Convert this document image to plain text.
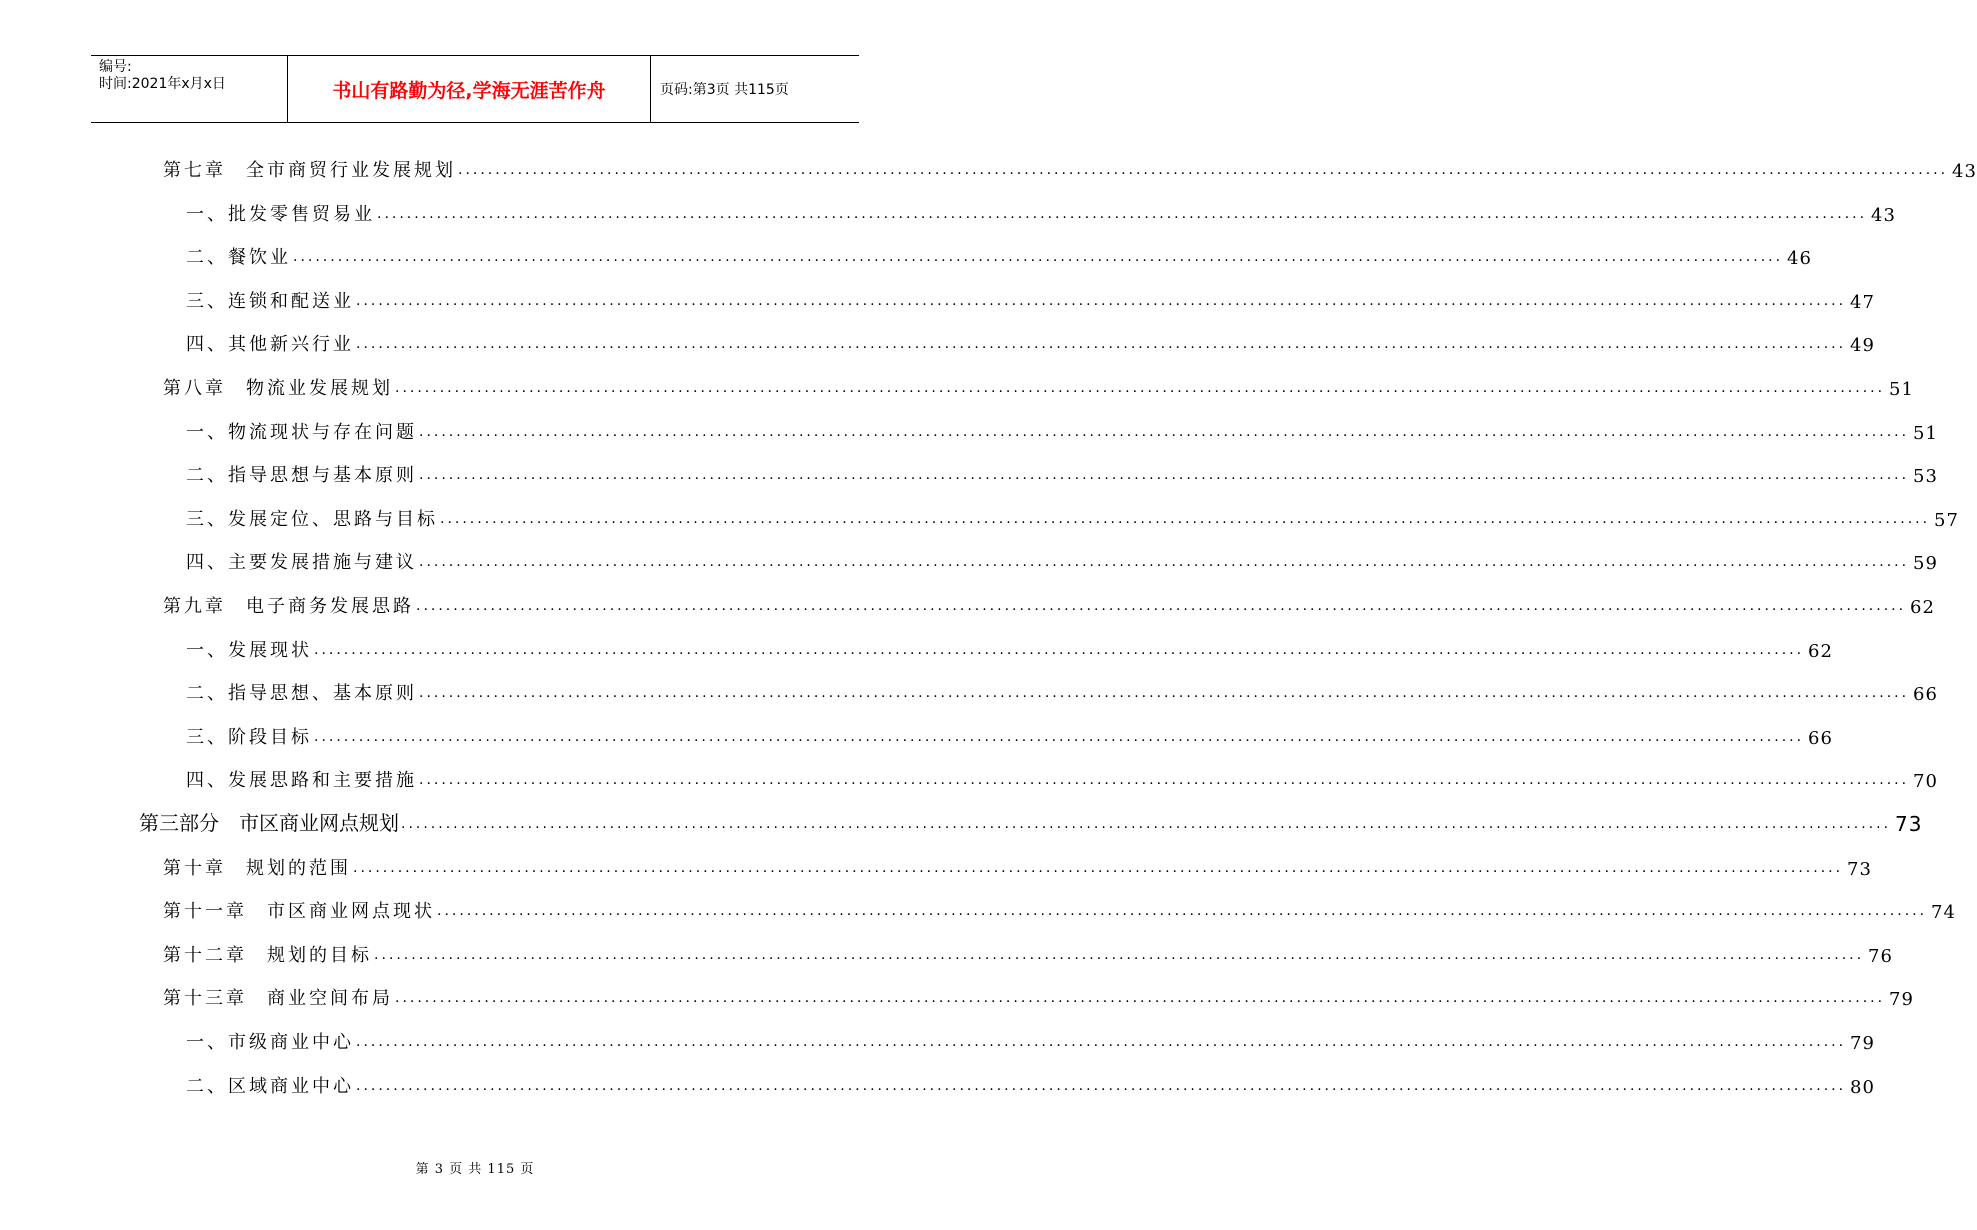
编号:
时间:2021年x月x日	书山有路勤为径,学海无涯苦作舟	页码:第3页 共115页
第七章 全市商贸行业发展规划 ........................................................................................................................................................................................................ 43
一、批发零售贸易业 ........................................................................................................................................................................................................ 43
二、餐饮业 ........................................................................................................................................................................................................ 46
三、连锁和配送业 ........................................................................................................................................................................................................ 47
四、其他新兴行业 ........................................................................................................................................................................................................ 49
第八章 物流业发展规划 ........................................................................................................................................................................................................ 51
一、物流现状与存在问题 ........................................................................................................................................................................................................ 51
二、指导思想与基本原则 ........................................................................................................................................................................................................ 53
三、发展定位、思路与目标 ........................................................................................................................................................................................................ 57
四、主要发展措施与建议 ........................................................................................................................................................................................................ 59
第九章 电子商务发展思路 ........................................................................................................................................................................................................ 62
一、发展现状 ........................................................................................................................................................................................................ 62
二、指导思想、基本原则 ........................................................................................................................................................................................................ 66
三、阶段目标 ........................................................................................................................................................................................................ 66
四、发展思路和主要措施 ........................................................................................................................................................................................................ 70
第三部分 市区商业网点规划 ........................................................................................................................................................................................................ 73
第十章 规划的范围 ........................................................................................................................................................................................................ 73
第十一章 市区商业网点现状 ........................................................................................................................................................................................................ 74
第十二章 规划的目标 ........................................................................................................................................................................................................ 76
第十三章 商业空间布局 ........................................................................................................................................................................................................ 79
一、市级商业中心 ........................................................................................................................................................................................................ 79
二、区域商业中心 ........................................................................................................................................................................................................ 80
第 3 页 共 115 页
